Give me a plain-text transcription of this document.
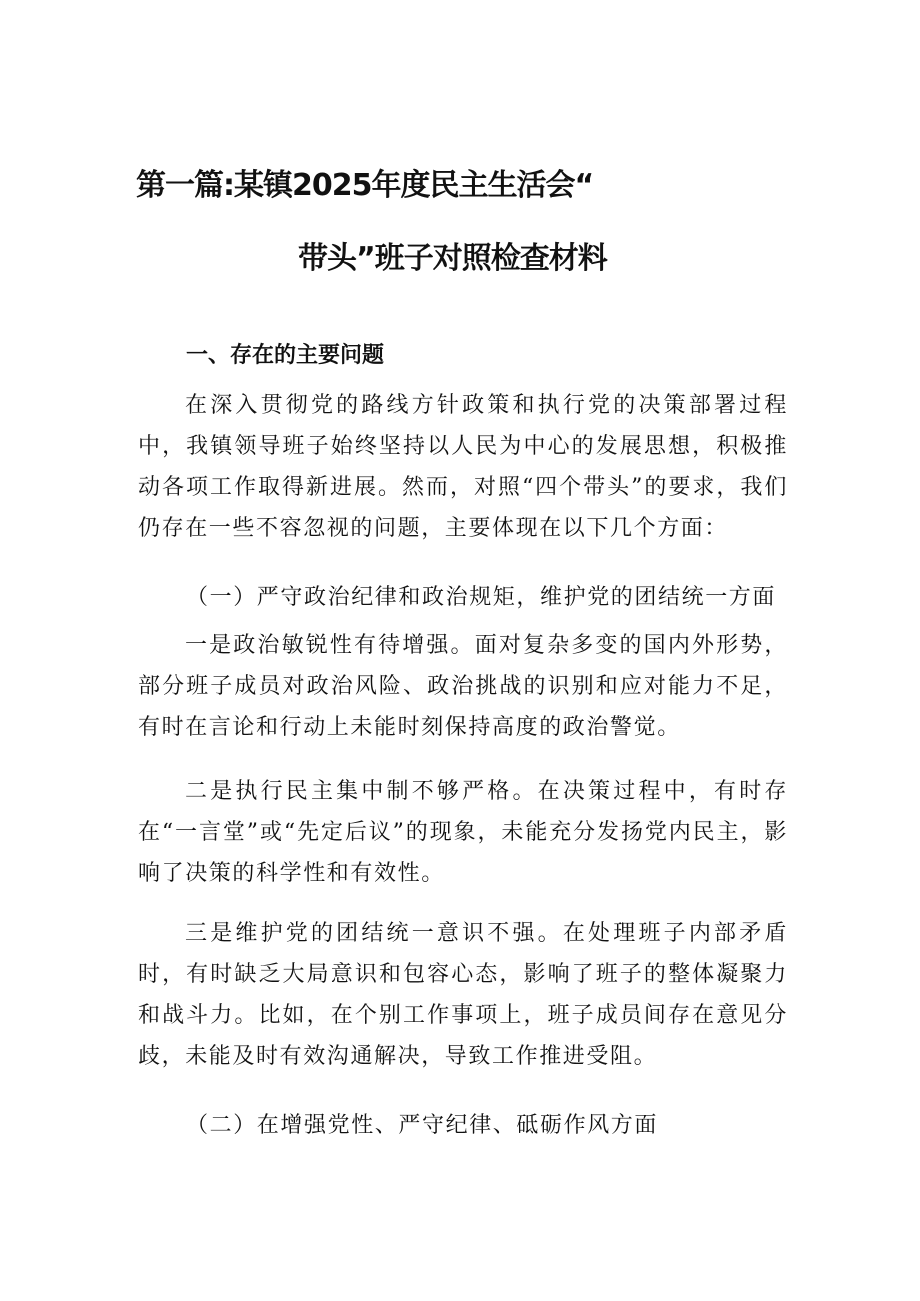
第一篇:某镇2025年度民主生活会“
带头”班子对照检查材料
一、存在的主要问题
在深入贯彻党的路线方针政策和执行党的决策部署过程中，我镇领导班子始终坚持以人民为中心的发展思想，积极推动各项工作取得新进展。然而，对照“四个带头”的要求，我们仍存在一些不容忽视的问题，主要体现在以下几个方面：
（一）严守政治纪律和政治规矩，维护党的团结统一方面
一是政治敏锐性有待增强。面对复杂多变的国内外形势，部分班子成员对政治风险、政治挑战的识别和应对能力不足，有时在言论和行动上未能时刻保持高度的政治警觉。
二是执行民主集中制不够严格。在决策过程中，有时存在“一言堂”或“先定后议”的现象，未能充分发扬党内民主，影响了决策的科学性和有效性。
三是维护党的团结统一意识不强。在处理班子内部矛盾时，有时缺乏大局意识和包容心态，影响了班子的整体凝聚力和战斗力。比如，在个别工作事项上，班子成员间存在意见分歧，未能及时有效沟通解决，导致工作推进受阻。
（二）在增强党性、严守纪律、砥砺作风方面
